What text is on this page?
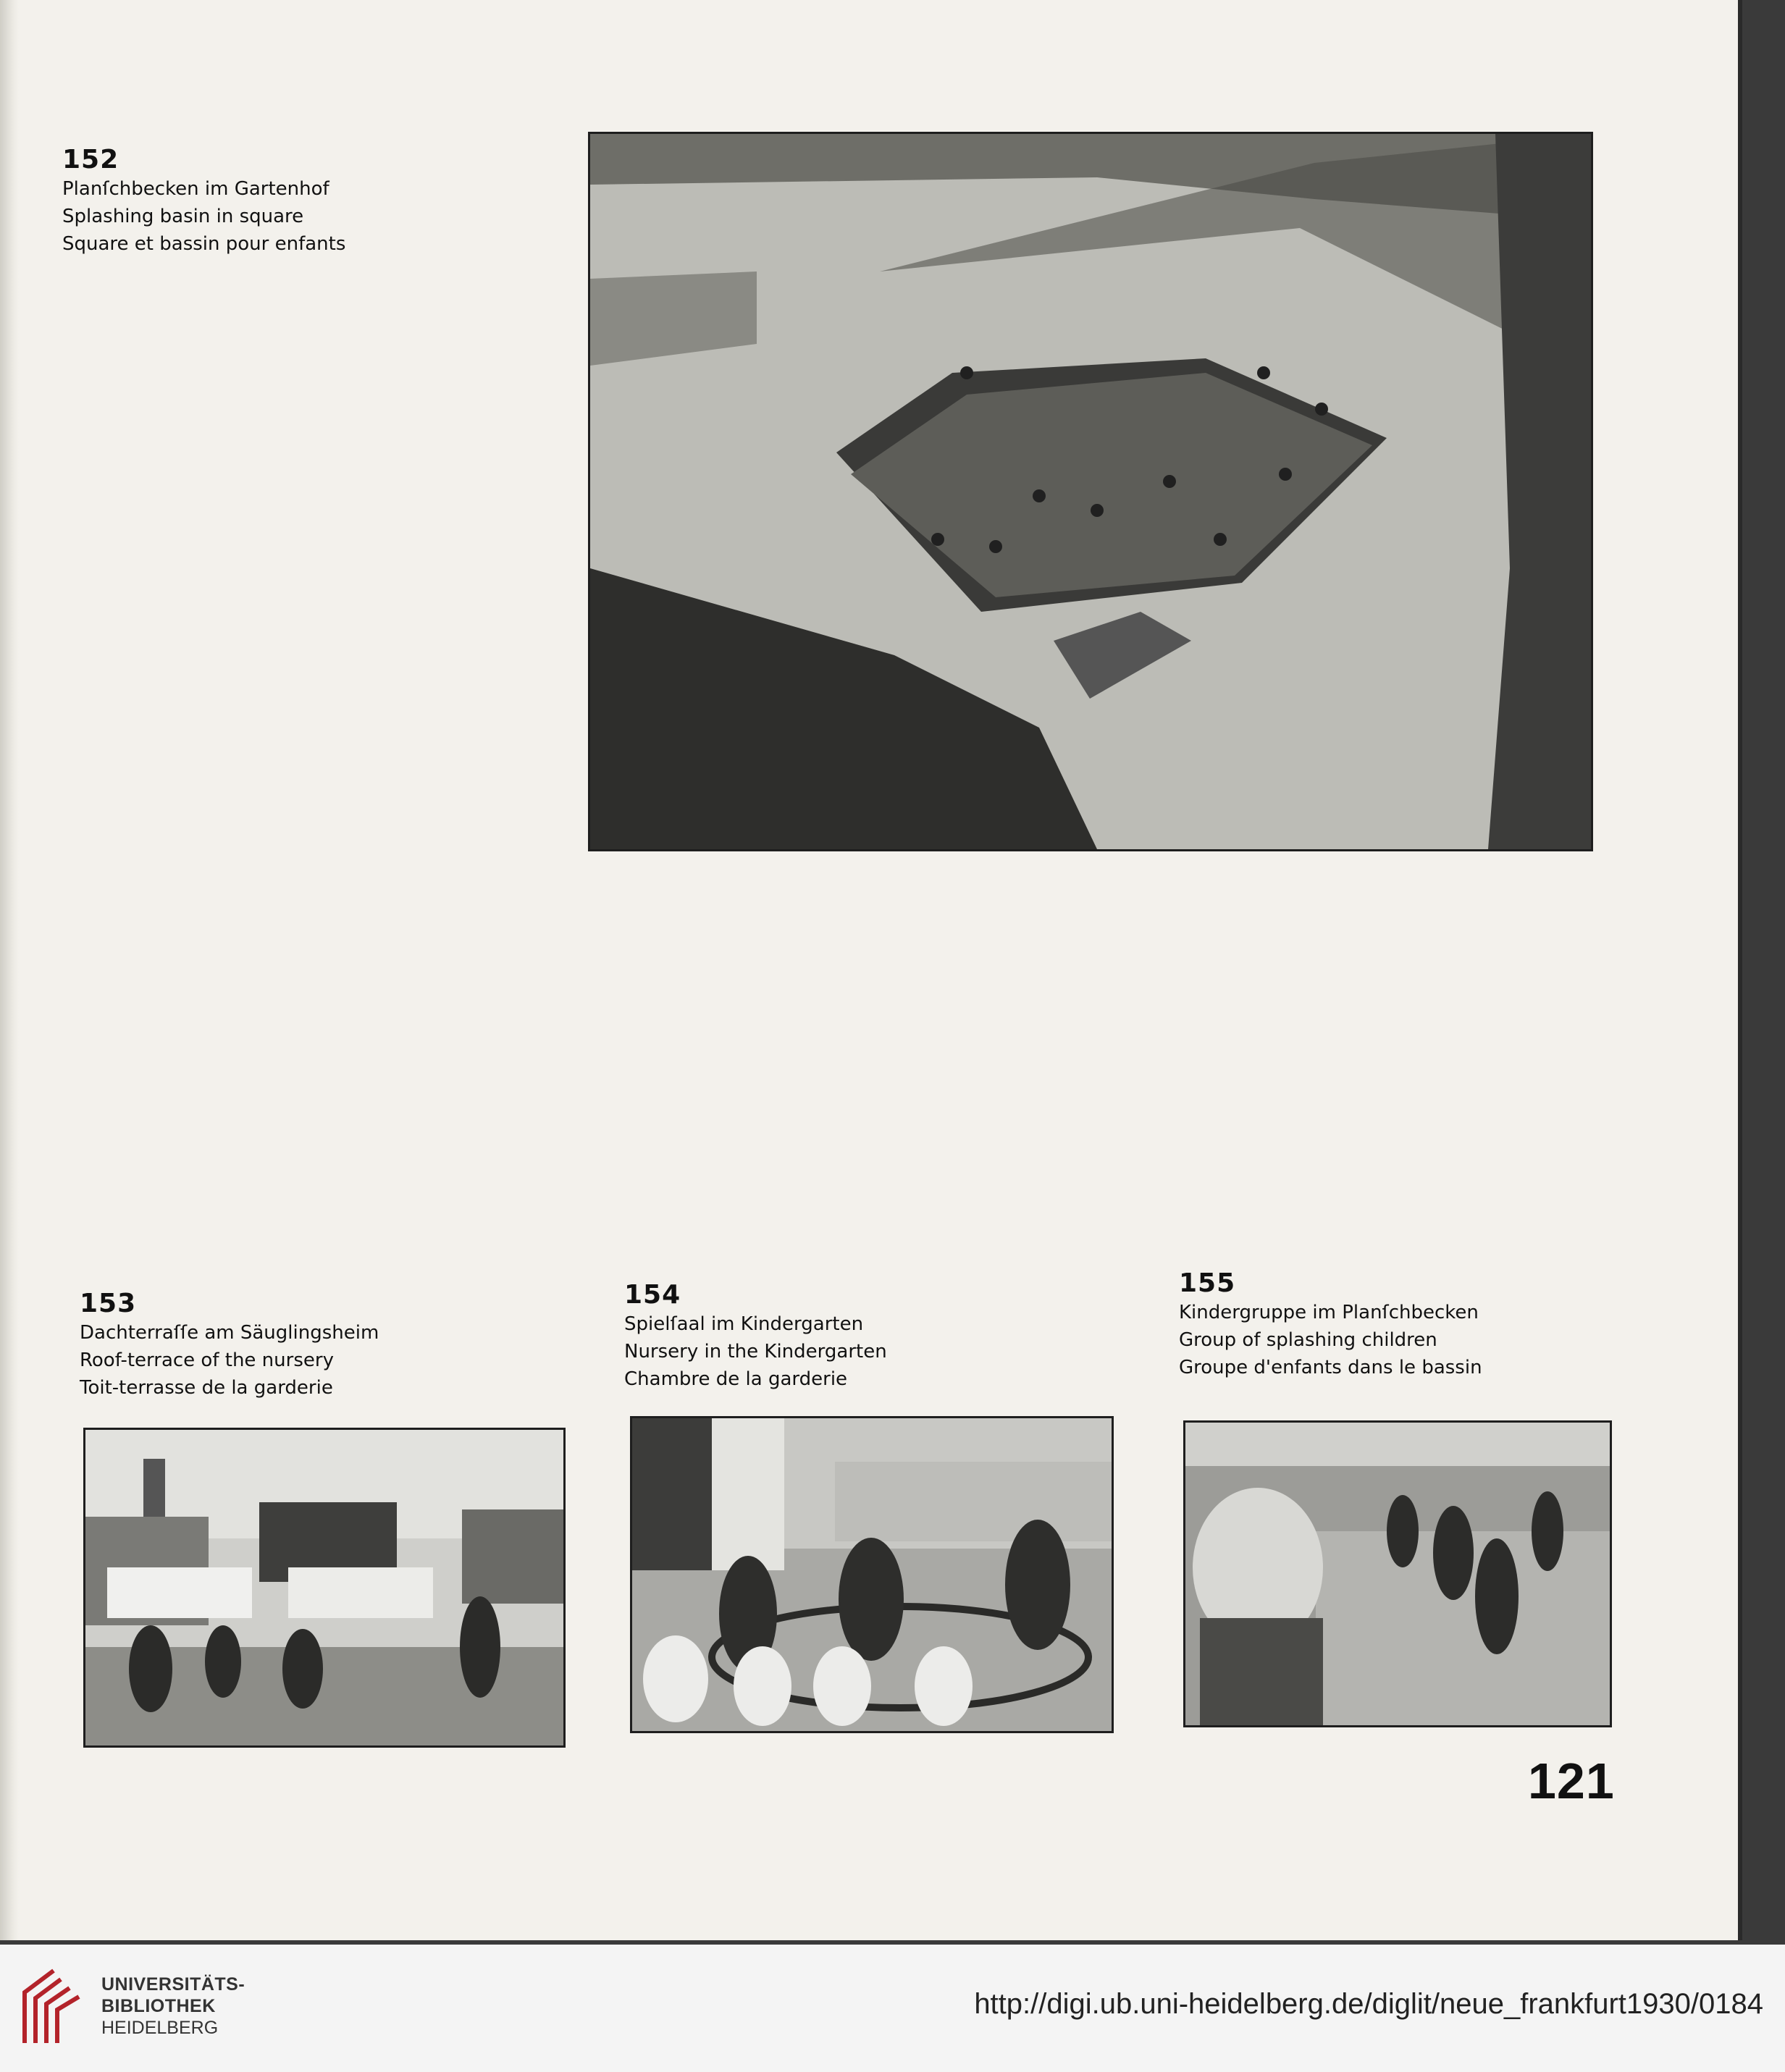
152
Planſchbecken im Gartenhof
Splashing basin in square
Square et bassin pour enfants
153
Dachterraſſe am Säuglingsheim
Roof-terrace of the nursery
Toit-terrasse de la garderie
154
Spielſaal im Kindergarten
Nursery in the Kindergarten
Chambre de la garderie
155
Kindergruppe im Planſchbecken
Group of splashing children
Groupe d'enfants dans le bassin
121
UNIVERSITÄTS-
BIBLIOTHEK
HEIDELBERG
http://digi.ub.uni-heidelberg.de/diglit/neue_frankfurt1930/0184
